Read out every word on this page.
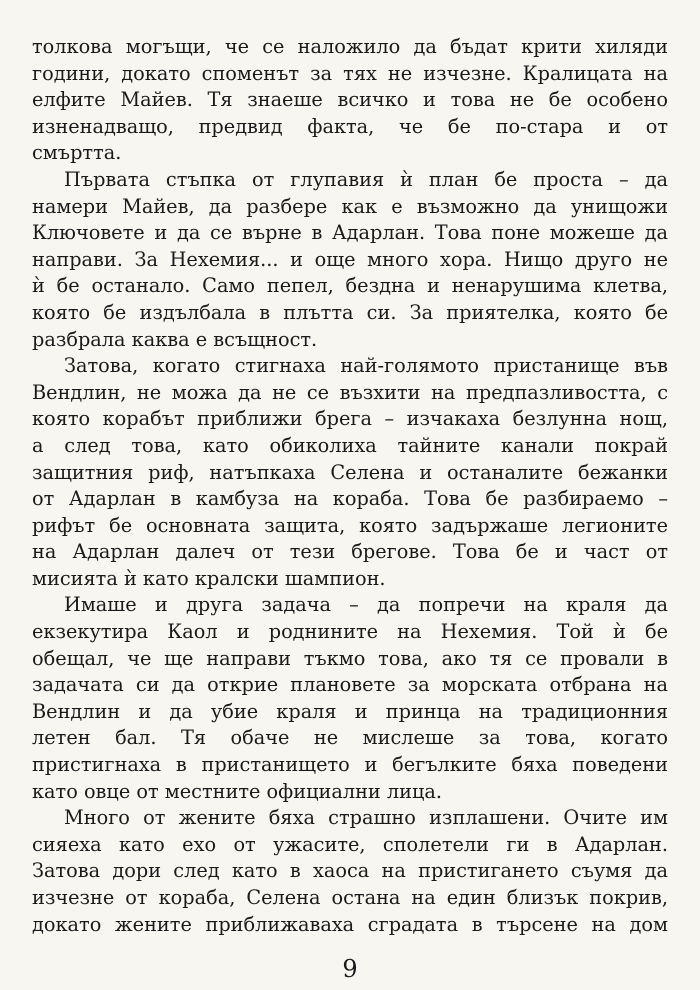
толкова могъщи, че се наложило да бъдат крити хиляди
години, докато споменът за тях не изчезне. Кралицата на
елфите Майев. Тя знаеше всичко и това не бе особено
изненадващо, предвид факта, че бе по-стара и от
смъртта.

Първата стъпка от глупавия ѝ план бе проста – да
намери Майев, да разбере как е възможно да унищожи
Ключовете и да се върне в Адарлан. Това поне можеше да
направи. За Нехемия... и още много хора. Нищо друго не
ѝ бе останало. Само пепел, бездна и ненарушима клетва,
която бе издълбала в плътта си. За приятелка, която бе
разбрала каква е всъщност.

Затова, когато стигнаха най-голямото пристанище във
Вендлин, не можа да не се възхити на предпазливостта, с
която корабът приближи брега – изчакаха безлунна нощ,
а след това, като обиколиха тайните канали покрай
защитния риф, натъпкаха Селена и останалите бежанки
от Адарлан в камбуза на кораба. Това бе разбираемо –
рифът бе основната защита, която задържаше легионите
на Адарлан далеч от тези брегове. Това бе и част от
мисията ѝ като кралски шампион.

Имаше и друга задача – да попречи на краля да
екзекутира Каол и роднините на Нехемия. Той ѝ бе
обещал, че ще направи тъкмо това, ако тя се провали в
задачата си да открие плановете за морската отбрана на
Вендлин и да убие краля и принца на традиционния
летен бал. Тя обаче не мислеше за това, когато
пристигнаха в пристанището и бегълките бяха поведени
като овце от местните официални лица.

Много от жените бяха страшно изплашени. Очите им
сияеха като ехо от ужасите, сполетели ги в Адарлан.
Затова дори след като в хаоса на пристигането съумя да
изчезне от кораба, Селена остана на един близък покрив,
докато жените приближаваха сградата в търсене на дом

9
